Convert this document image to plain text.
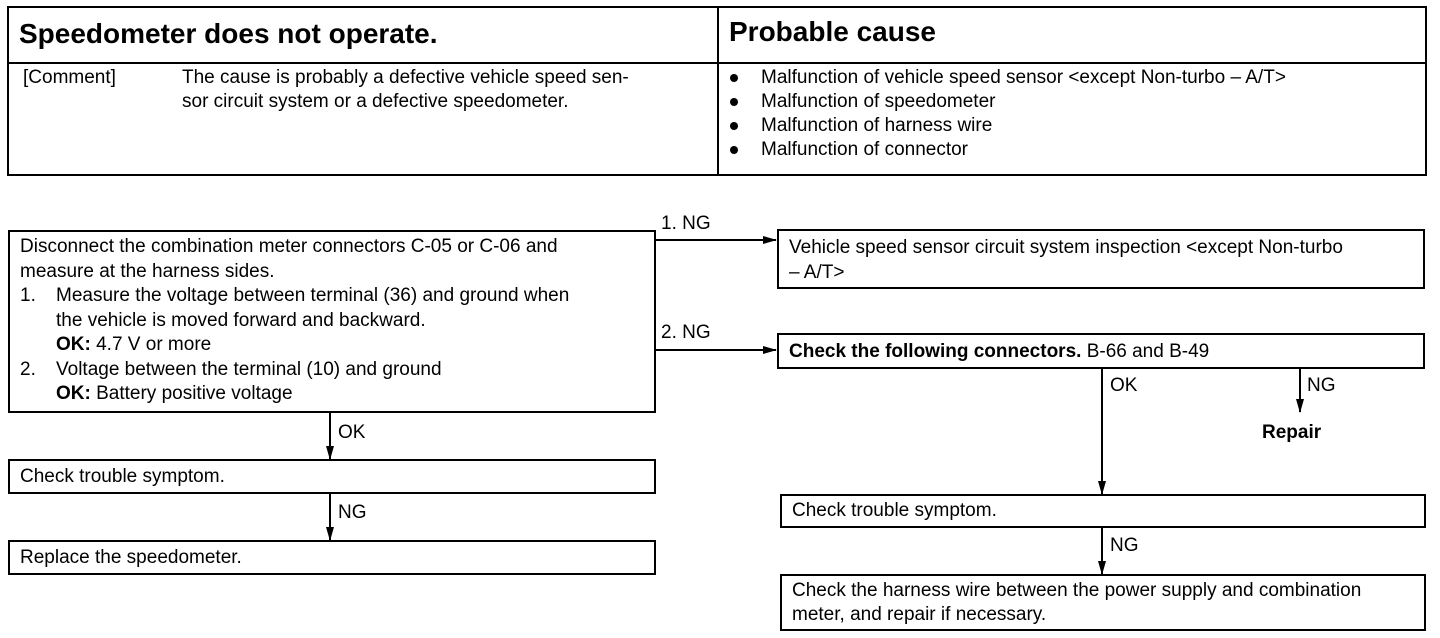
Speedometer does not operate.	Probable cause
[Comment]	The cause is probably a defective vehicle speed sen-
sor circuit system or a defective speedometer.
Malfunction of vehicle speed sensor <except Non-turbo – A/T>
Malfunction of speedometer
Malfunction of harness wire
Malfunction of connector
Disconnect the combination meter connectors C-05 or C-06 and
measure at the harness sides.
1. Measure the voltage between terminal (36) and ground when
the vehicle is moved forward and backward.
OK: 4.7 V or more
2. Voltage between the terminal (10) and ground
OK: Battery positive voltage
1. NG
2. NG
Vehicle speed sensor circuit system inspection <except Non-turbo
– A/T>
Check the following connectors. B-66 and B-49
OK	NG
Repair
OK
Check trouble symptom.
NG
Replace the speedometer.
Check trouble symptom.
NG
Check the harness wire between the power supply and combination
meter, and repair if necessary.
